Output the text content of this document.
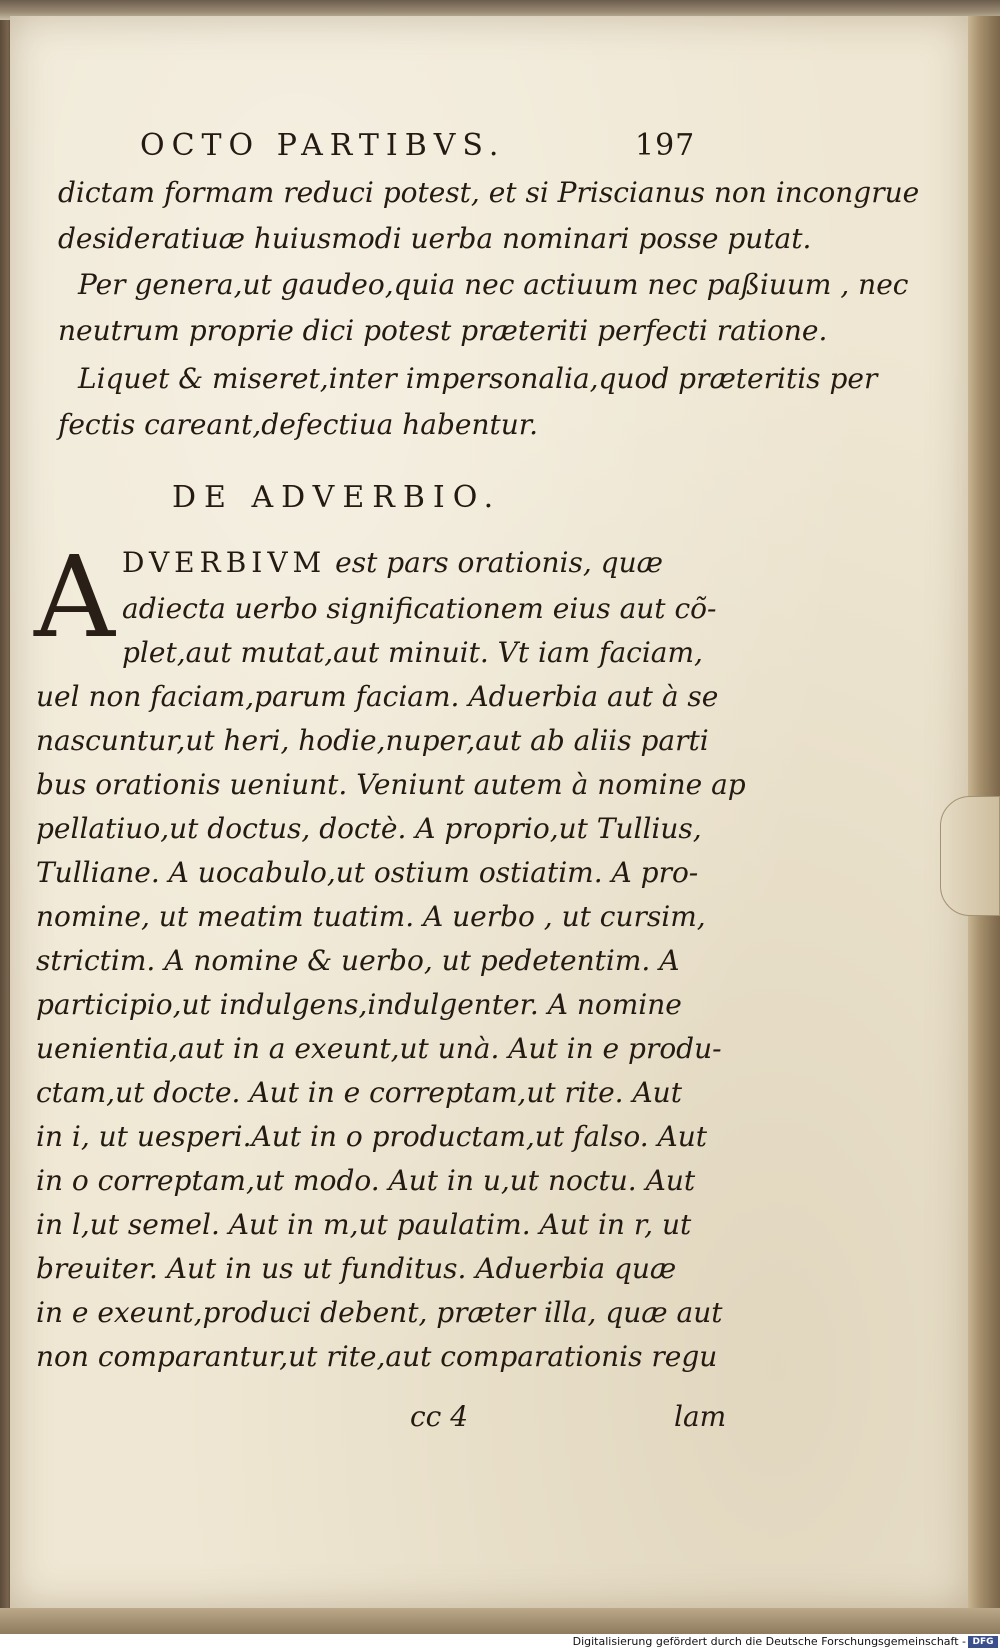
OCTO PARTIBVS.	197
dictam formam reduci potest, et si Priscianus non incongrue
desideratiuæ huiusmodi uerba nominari posse putat.
Per genera,ut gaudeo,quia nec actiuum nec paßiuum , nec
neutrum proprie dici potest præteriti perfecti ratione.
Liquet & miseret,inter impersonalia,quod præteritis per
fectis careant,defectiua habentur.
DE ADVERBIO.
A DVERBIVM est pars orationis, quæ
adiecta uerbo significationem eius aut cõ-
plet,aut mutat,aut minuit. Vt iam faciam,
uel non faciam,parum faciam. Aduerbia aut à se
nascuntur,ut heri, hodie,nuper,aut ab aliis parti
bus orationis ueniunt. Veniunt autem à nomine ap
pellatiuo,ut doctus, doctè. A proprio,ut Tullius,
Tulliane. A uocabulo,ut ostium ostiatim. A pro-
nomine, ut meatim tuatim. A uerbo , ut cursim,
strictim. A nomine & uerbo, ut pedetentim. A
participio,ut indulgens,indulgenter. A nomine
uenientia,aut in a exeunt,ut unà. Aut in e produ-
ctam,ut docte. Aut in e correptam,ut rite. Aut
in i, ut uesperi.Aut in o productam,ut falso. Aut
in o correptam,ut modo. Aut in u,ut noctu. Aut
in l,ut semel. Aut in m,ut paulatim. Aut in r, ut
breuiter. Aut in us ut funditus. Aduerbia quæ
in e exeunt,produci debent, præter illa, quæ aut
non comparantur,ut rite,aut comparationis regu
cc 4	lam
Digitalisierung gefördert durch die Deutsche Forschungsgemeinschaft - DFG
